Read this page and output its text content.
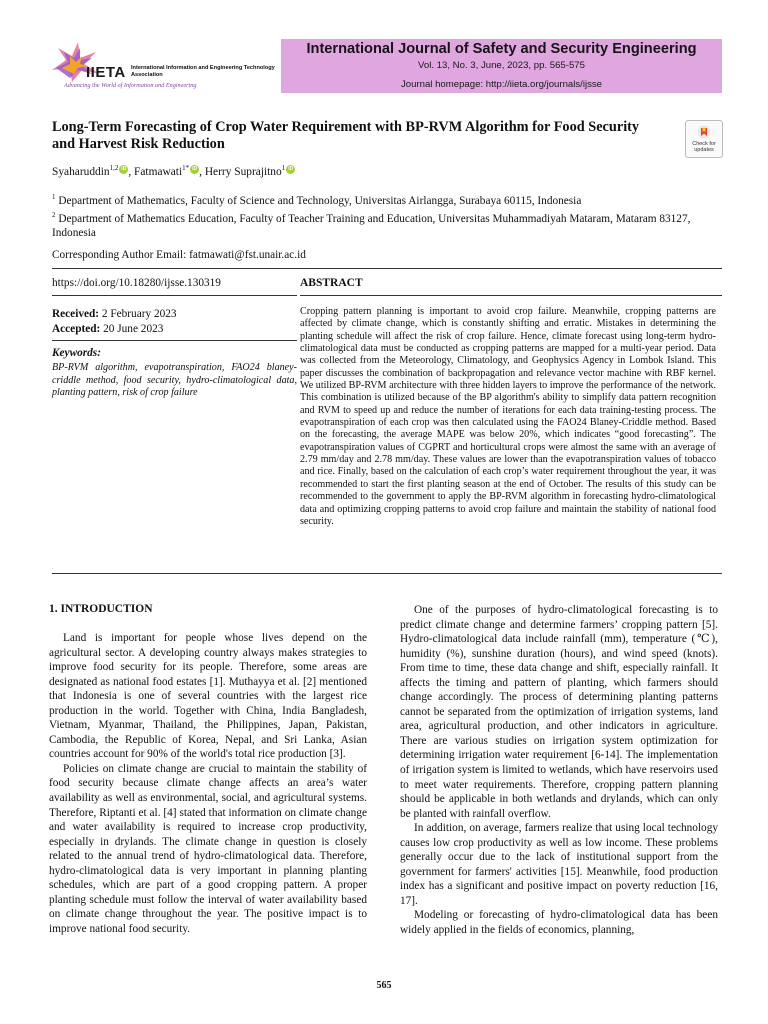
IIETA International Information and Engineering Technology Association
Advancing the World of Information and Engineering
International Journal of Safety and Security Engineering
Vol. 13, No. 3, June, 2023, pp. 565-575
Journal homepage: http://iieta.org/journals/ijsse
Long-Term Forecasting of Crop Water Requirement with BP-RVM Algorithm for Food Security and Harvest Risk Reduction	Check for updates
Syaharuddin$^{1,2}$ iD , Fatmawati$^{1*}$ iD , Herry Suprajitno$^1$iD
$^1$ Department of Mathematics, Faculty of Science and Technology, Universitas Airlangga, Surabaya 60115, Indonesia
$^2$ Department of Mathematics Education, Faculty of Teacher Training and Education, Universitas Muhammadiyah Mataram, Mataram 83127, Indonesia
Corresponding Author Email: fatmawati@fst.unair.ac.id
https://doi.org/10.18280/ijsse.130319
Received: 2 February 2023
Accepted: 20 June 2023
Keywords:
BP-RVM algorithm, evapotranspiration, FAO24 blaney-criddle method, food security, hydro-climatological data, planting pattern, risk of crop failure
ABSTRACT
Cropping pattern planning is important to avoid crop failure. Meanwhile, cropping patterns are affected by climate change, which is constantly shifting and erratic. Mistakes in determining the planting schedule will affect the risk of crop failure. Hence, climate forecast using long-term hydro-climatological data must be conducted as cropping patterns are mapped for a multi-year period. Data was collected from the Meteorology, Climatology, and Geophysics Agency in Lombok Island. This paper discusses the combination of backpropagation and relevance vector machine with RBF kernel. We utilized BP-RVM architecture with three hidden layers to improve the performance of the network. This combination is utilized because of the BP algorithm's ability to simplify data pattern recognition and RVM to speed up and reduce the number of iterations for each data training-testing process. The evapotranspiration of each crop was then calculated using the FAO24 Blaney-Criddle method. Based on the forecasting, the average MAPE was below 20%, which indicates “good forecasting”. The evapotranspiration values of CGPRT and horticultural crops were almost the same with an average of 2.79 mm/day and 2.78 mm/day. These values are lower than the evapotranspiration values of tobacco and rice. Finally, based on the calculation of each crop’s water requirement throughout the year, it was recommended to start the first planting season at the end of October. The results of this study can be recommended to the government to apply the BP-RVM algorithm in forecasting hydro-climatological data and optimizing cropping patterns to avoid crop failure and maintain the stability of national food security.
1. INTRODUCTION

Land is important for people whose lives depend on the agricultural sector. A developing country always makes strategies to improve food security for its people. Therefore, some areas are designated as national food estates [1]. Muthayya et al. [2] mentioned that Indonesia is one of several countries with the largest rice production in the world. Together with China, India Bangladesh, Vietnam, Myanmar, Thailand, the Philippines, Japan, Pakistan, Cambodia, the Republic of Korea, Nepal, and Sri Lanka, Asian countries account for 90% of the world's total rice production [3].

Policies on climate change are crucial to maintain the stability of food security because climate change affects an area’s water availability as well as environmental, social, and agricultural systems. Therefore, Riptanti et al. [4] stated that information on climate change and water availability is required to increase crop productivity, especially in drylands. The climate change in question is closely related to the annual trend of hydro-climatological data. Therefore, hydro-climatological data is very important in planning planting schedules, which are part of a good cropping pattern. A proper planting schedule must follow the interval of water availability based on climate change throughout the year. The positive impact is to improve national food security.

One of the purposes of hydro-climatological forecasting is to predict climate change and determine farmers’ cropping pattern [5]. Hydro-climatological data include rainfall (mm), temperature (℃), humidity (%), sunshine duration (hours), and wind speed (knots). From time to time, these data change and shift, especially rainfall. It affects the timing and pattern of planting, which farmers should change accordingly. The process of determining planting patterns cannot be separated from the optimization of irrigation systems, land area, agricultural production, and other indicators in agriculture. There are various studies on irrigation system optimization for determining irrigation water requirement [6-14]. The implementation of irrigation system is limited to wetlands, which have reservoirs used to meet water requirements. Therefore, cropping pattern planning should be applicable in both wetlands and drylands, which can only be planted with rainfall overflow.

In addition, on average, farmers realize that using local technology causes low crop productivity as well as low income. These problems generally occur due to the lack of institutional support from the government for farmers' activities [15]. Meanwhile, food production index has a significant and positive impact on poverty reduction [16, 17].

Modeling or forecasting of hydro-climatological data has been widely applied in the fields of economics, planning,

565
